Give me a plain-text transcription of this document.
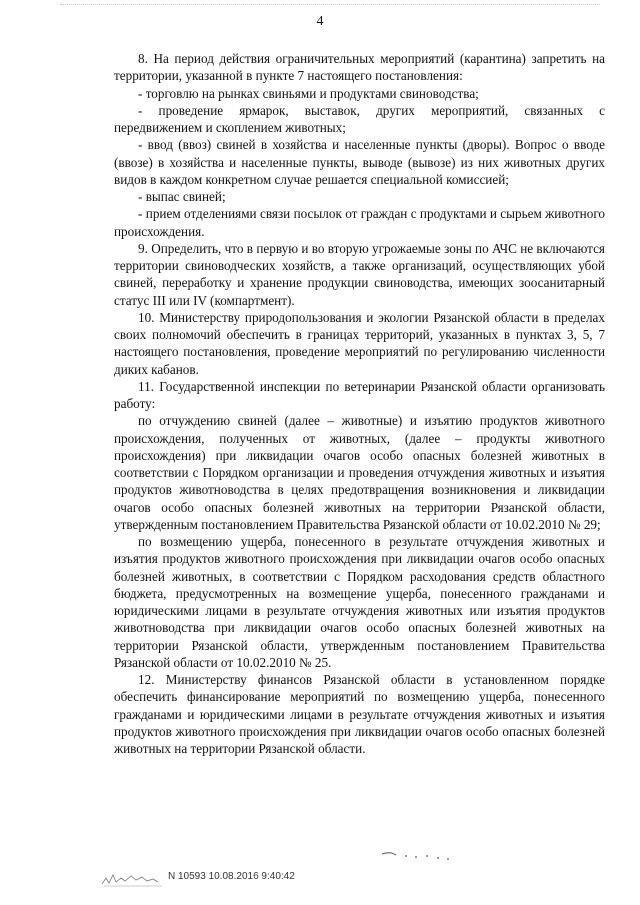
4

8. На период действия ограничительных мероприятий (карантина) запретить на территории, указанной в пункте 7 настоящего постановления:

- торговлю на рынках свиньями и продуктами свиноводства;

- проведение ярмарок, выставок, других мероприятий, связанных с передвижением и скоплением животных;

- ввод (ввоз) свиней в хозяйства и населенные пункты (дворы). Вопрос о вводе (ввозе) в хозяйства и населенные пункты, выводе (вывозе) из них животных других видов в каждом конкретном случае решается специальной комиссией;

- выпас свиней;

- прием отделениями связи посылок от граждан с продуктами и сырьем животного происхождения.

9. Определить, что в первую и во вторую угрожаемые зоны по АЧС не включаются территории свиноводческих хозяйств, а также организаций, осуществляющих убой свиней, переработку и хранение продукции свиноводства, имеющих зоосанитарный статус III или IV (компартмент).

10. Министерству природопользования и экологии Рязанской области в пределах своих полномочий обеспечить в границах территорий, указанных в пунктах 3, 5, 7 настоящего постановления, проведение мероприятий по регулированию численности диких кабанов.

11. Государственной инспекции по ветеринарии Рязанской области организовать работу:

по отчуждению свиней (далее – животные) и изъятию продуктов животного происхождения, полученных от животных, (далее – продукты животного происхождения) при ликвидации очагов особо опасных болезней животных в соответствии с Порядком организации и проведения отчуждения животных и изъятия продуктов животноводства в целях предотвращения возникновения и ликвидации очагов особо опасных болезней животных на территории Рязанской области, утвержденным постановлением Правительства Рязанской области от 10.02.2010 № 29;

по возмещению ущерба, понесенного в результате отчуждения животных и изъятия продуктов животного происхождения при ликвидации очагов особо опасных болезней животных, в соответствии с Порядком расходования средств областного бюджета, предусмотренных на возмещение ущерба, понесенного гражданами и юридическими лицами в результате отчуждения животных или изъятия продуктов животноводства при ликвидации очагов особо опасных болезней животных на территории Рязанской области, утвержденным постановлением Правительства Рязанской области от 10.02.2010 № 25.

12. Министерству финансов Рязанской области в установленном порядке обеспечить финансирование мероприятий по возмещению ущерба, понесенного гражданами и юридическими лицами в результате отчуждения животных и изъятия продуктов животного происхождения при ликвидации очагов особо опасных болезней животных на территории Рязанской области.

N 10593 10.08.2016 9:40:42
